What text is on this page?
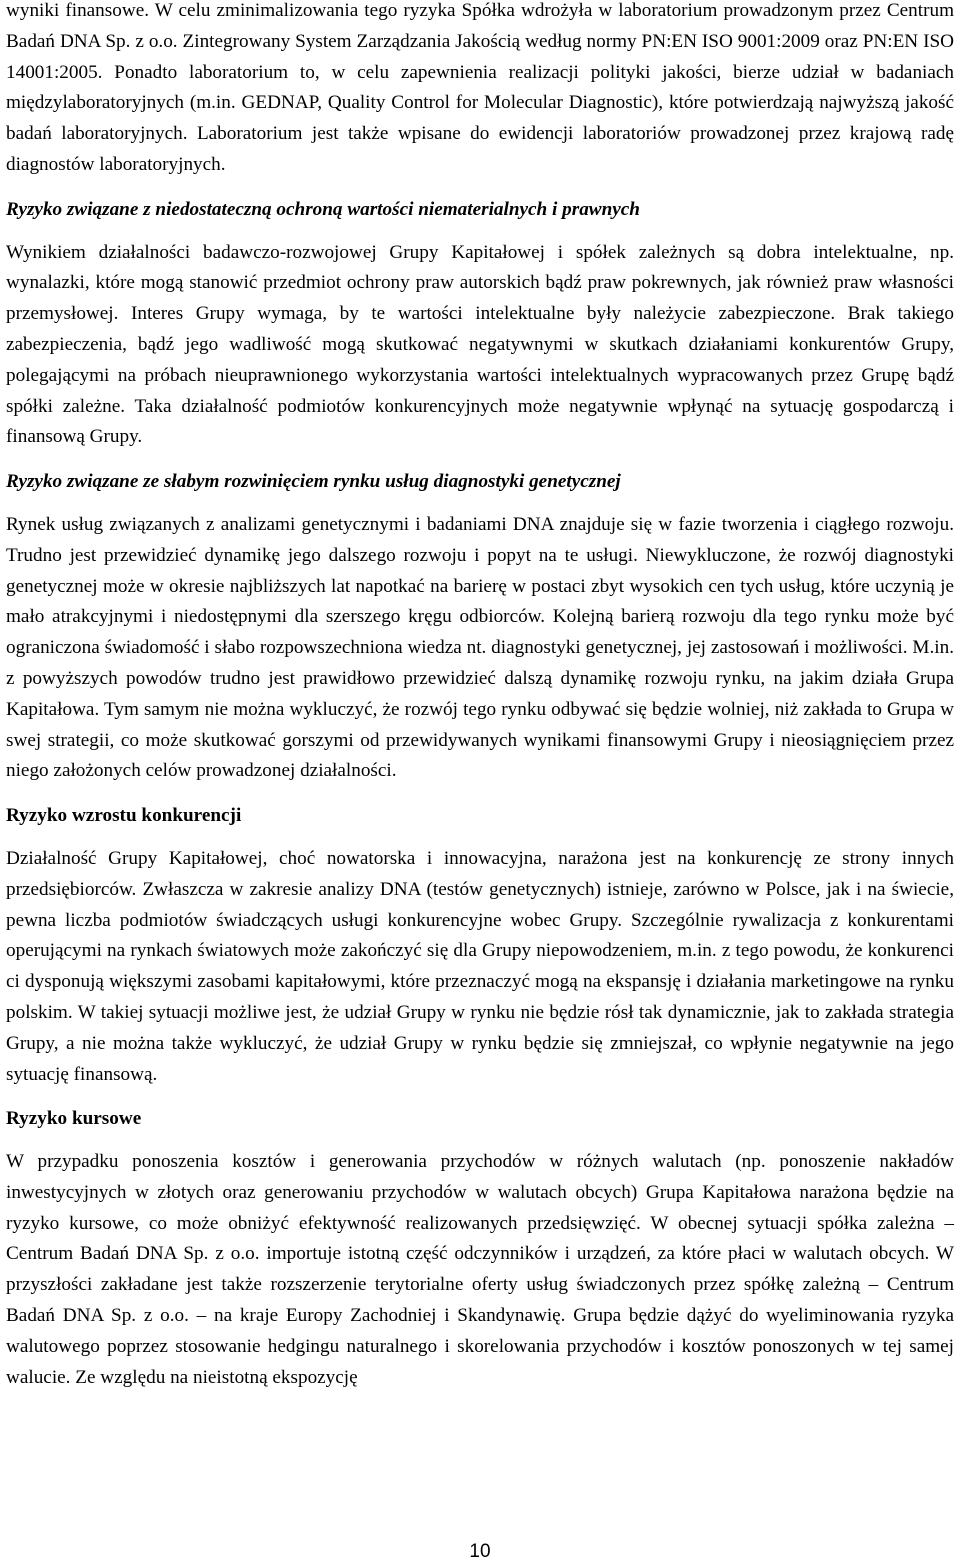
wyniki finansowe. W celu zminimalizowania tego ryzyka Spółka wdrożyła w laboratorium prowadzonym przez Centrum Badań DNA Sp. z o.o. Zintegrowany System Zarządzania Jakością według normy PN:EN ISO 9001:2009 oraz PN:EN ISO 14001:2005. Ponadto laboratorium to, w celu zapewnienia realizacji polityki jakości, bierze udział w badaniach międzylaboratoryjnych (m.in. GEDNAP, Quality Control for Molecular Diagnostic), które potwierdzają najwyższą jakość badań laboratoryjnych. Laboratorium jest także wpisane do ewidencji laboratoriów prowadzonej przez krajową radę diagnostów laboratoryjnych.

Ryzyko związane z niedostateczną ochroną wartości niematerialnych i prawnych

Wynikiem działalności badawczo-rozwojowej Grupy Kapitałowej i spółek zależnych są dobra intelektualne, np. wynalazki, które mogą stanowić przedmiot ochrony praw autorskich bądź praw pokrewnych, jak również praw własności przemysłowej. Interes Grupy wymaga, by te wartości intelektualne były należycie zabezpieczone. Brak takiego zabezpieczenia, bądź jego wadliwość mogą skutkować negatywnymi w skutkach działaniami konkurentów Grupy, polegającymi na próbach nieuprawnionego wykorzystania wartości intelektualnych wypracowanych przez Grupę bądź spółki zależne. Taka działalność podmiotów konkurencyjnych może negatywnie wpłynąć na sytuację gospodarczą i finansową Grupy.

Ryzyko związane ze słabym rozwinięciem rynku usług diagnostyki genetycznej

Rynek usług związanych z analizami genetycznymi i badaniami DNA znajduje się w fazie tworzenia i ciągłego rozwoju. Trudno jest przewidzieć dynamikę jego dalszego rozwoju i popyt na te usługi. Niewykluczone, że rozwój diagnostyki genetycznej może w okresie najbliższych lat napotkać na barierę w postaci zbyt wysokich cen tych usług, które uczynią je mało atrakcyjnymi i niedostępnymi dla szerszego kręgu odbiorców. Kolejną barierą rozwoju dla tego rynku może być ograniczona świadomość i słabo rozpowszechniona wiedza nt. diagnostyki genetycznej, jej zastosowań i możliwości. M.in. z powyższych powodów trudno jest prawidłowo przewidzieć dalszą dynamikę rozwoju rynku, na jakim działa Grupa Kapitałowa. Tym samym nie można wykluczyć, że rozwój tego rynku odbywać się będzie wolniej, niż zakłada to Grupa w swej strategii, co może skutkować gorszymi od przewidywanych wynikami finansowymi Grupy i nieosiągnięciem przez niego założonych celów prowadzonej działalności.

Ryzyko wzrostu konkurencji

Działalność Grupy Kapitałowej, choć nowatorska i innowacyjna, narażona jest na konkurencję ze strony innych przedsiębiorców. Zwłaszcza w zakresie analizy DNA (testów genetycznych) istnieje, zarówno w Polsce, jak i na świecie, pewna liczba podmiotów świadczących usługi konkurencyjne wobec Grupy. Szczególnie rywalizacja z konkurentami operującymi na rynkach światowych może zakończyć się dla Grupy niepowodzeniem, m.in. z tego powodu, że konkurenci ci dysponują większymi zasobami kapitałowymi, które przeznaczyć mogą na ekspansję i działania marketingowe na rynku polskim. W takiej sytuacji możliwe jest, że udział Grupy w rynku nie będzie rósł tak dynamicznie, jak to zakłada strategia Grupy, a nie można także wykluczyć, że udział Grupy w rynku będzie się zmniejszał, co wpłynie negatywnie na jego sytuację finansową.

Ryzyko kursowe

W przypadku ponoszenia kosztów i generowania przychodów w różnych walutach (np. ponoszenie nakładów inwestycyjnych w złotych oraz generowaniu przychodów w walutach obcych) Grupa Kapitałowa narażona będzie na ryzyko kursowe, co może obniżyć efektywność realizowanych przedsięwzięć. W obecnej sytuacji spółka zależna – Centrum Badań DNA Sp. z o.o. importuje istotną część odczynników i urządzeń, za które płaci w walutach obcych. W przyszłości zakładane jest także rozszerzenie terytorialne oferty usług świadczonych przez spółkę zależną – Centrum Badań DNA Sp. z o.o. – na kraje Europy Zachodniej i Skandynawię. Grupa będzie dążyć do wyeliminowania ryzyka walutowego poprzez stosowanie hedgingu naturalnego i skorelowania przychodów i kosztów ponoszonych w tej samej walucie. Ze względu na nieistotną ekspozycję

10
